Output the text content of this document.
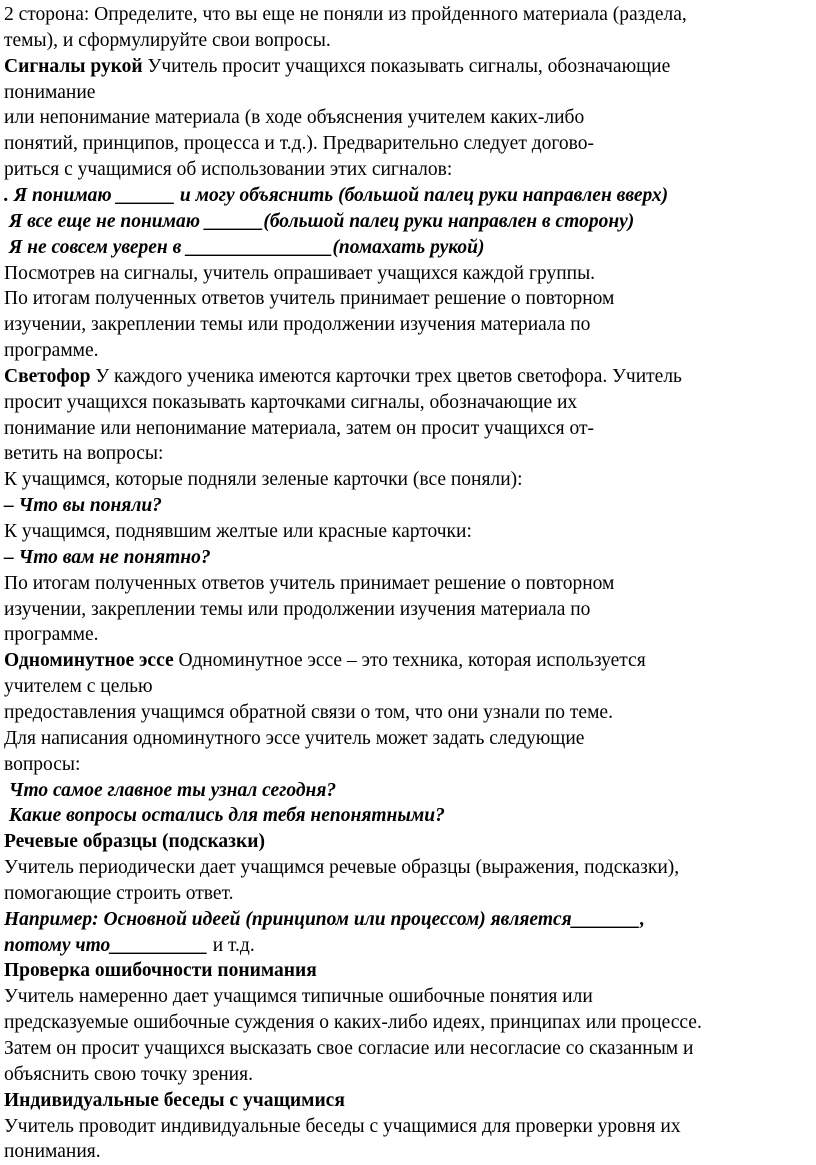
2 сторона: Определите, что вы еще не поняли из пройденного материала (раздела,
темы), и сформулируйте свои вопросы.
Сигналы рукой Учитель просит учащихся показывать сигналы, обозначающие
понимание
или непонимание материала (в ходе объяснения учителем каких-либо
понятий, принципов, процесса и т.д.). Предварительно следует догово-
риться с учащимися об использовании этих сигналов:
. Я понимаю ______ и могу объяснить (большой палец руки направлен вверх)
Я все еще не понимаю ______(большой палец руки направлен в сторону)
Я не совсем уверен в _______________(помахать рукой)
Посмотрев на сигналы, учитель опрашивает учащихся каждой группы.
По итогам полученных ответов учитель принимает решение о повторном
изучении, закреплении темы или продолжении изучения материала по
программе.
Светофор У каждого ученика имеются карточки трех цветов светофора. Учитель
просит учащихся показывать карточками сигналы, обозначающие их
понимание или непонимание материала, затем он просит учащихся от-
ветить на вопросы:
К учащимся, которые подняли зеленые карточки (все поняли):
– Что вы поняли?
К учащимся, поднявшим желтые или красные карточки:
– Что вам не понятно?
По итогам полученных ответов учитель принимает решение о повторном
изучении, закреплении темы или продолжении изучения материала по
программе.
Одноминутное эссе Одноминутное эссе – это техника, которая используется
учителем с целью
предоставления учащимся обратной связи о том, что они узнали по теме.
Для написания одноминутного эссе учитель может задать следующие
вопросы:
Что самое главное ты узнал сегодня?
Какие вопросы остались для тебя непонятными?
Речевые образцы (подсказки)
Учитель периодически дает учащимся речевые образцы (выражения, подсказки),
помогающие строить ответ.
Например: Основной идеей (принципом или процессом) является_______,
потому что__________ и т.д.
Проверка ошибочности понимания
Учитель намеренно дает учащимся типичные ошибочные понятия или
предсказуемые ошибочные суждения о каких-либо идеях, принципах или процессе.
Затем он просит учащихся высказать свое согласие или несогласие со сказанным и
объяснить свою точку зрения.
Индивидуальные беседы с учащимися
Учитель проводит индивидуальные беседы с учащимися для проверки уровня их
понимания.
